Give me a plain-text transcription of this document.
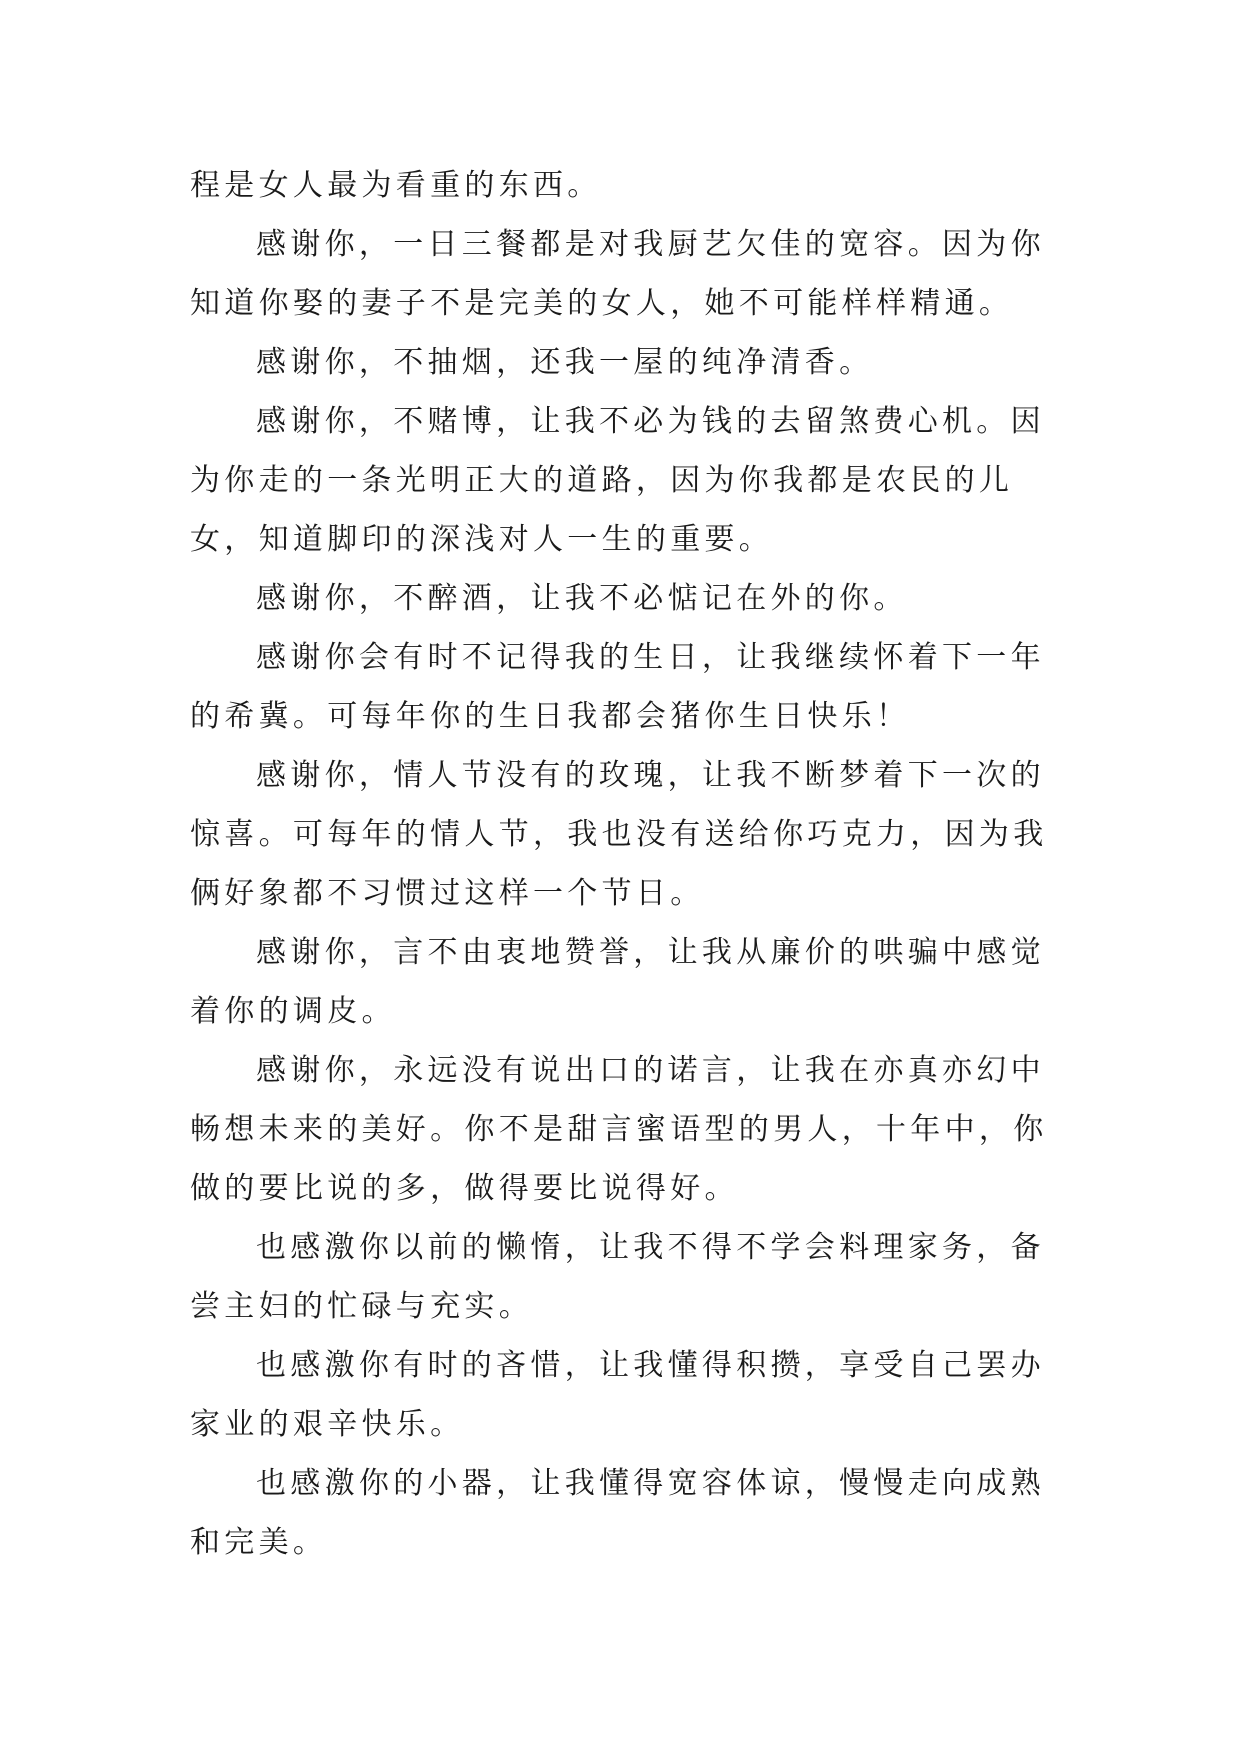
程是女人最为看重的东西。

感谢你，一日三餐都是对我厨艺欠佳的宽容。因为你知道你娶的妻子不是完美的女人，她不可能样样精通。

感谢你，不抽烟，还我一屋的纯净清香。

感谢你，不赌博，让我不必为钱的去留煞费心机。因为你走的一条光明正大的道路，因为你我都是农民的儿女，知道脚印的深浅对人一生的重要。

感谢你，不醉酒，让我不必惦记在外的你。

感谢你会有时不记得我的生日，让我继续怀着下一年的希冀。可每年你的生日我都会猪你生日快乐！

感谢你，情人节没有的玫瑰，让我不断梦着下一次的惊喜。可每年的情人节，我也没有送给你巧克力，因为我俩好象都不习惯过这样一个节日。

感谢你，言不由衷地赞誉，让我从廉价的哄骗中感觉着你的调皮。

感谢你，永远没有说出口的诺言，让我在亦真亦幻中畅想未来的美好。你不是甜言蜜语型的男人，十年中，你做的要比说的多，做得要比说得好。

也感激你以前的懒惰，让我不得不学会料理家务，备尝主妇的忙碌与充实。

也感激你有时的吝惜，让我懂得积攒，享受自己罢办家业的艰辛快乐。

也感激你的小器，让我懂得宽容体谅，慢慢走向成熟和完美。
